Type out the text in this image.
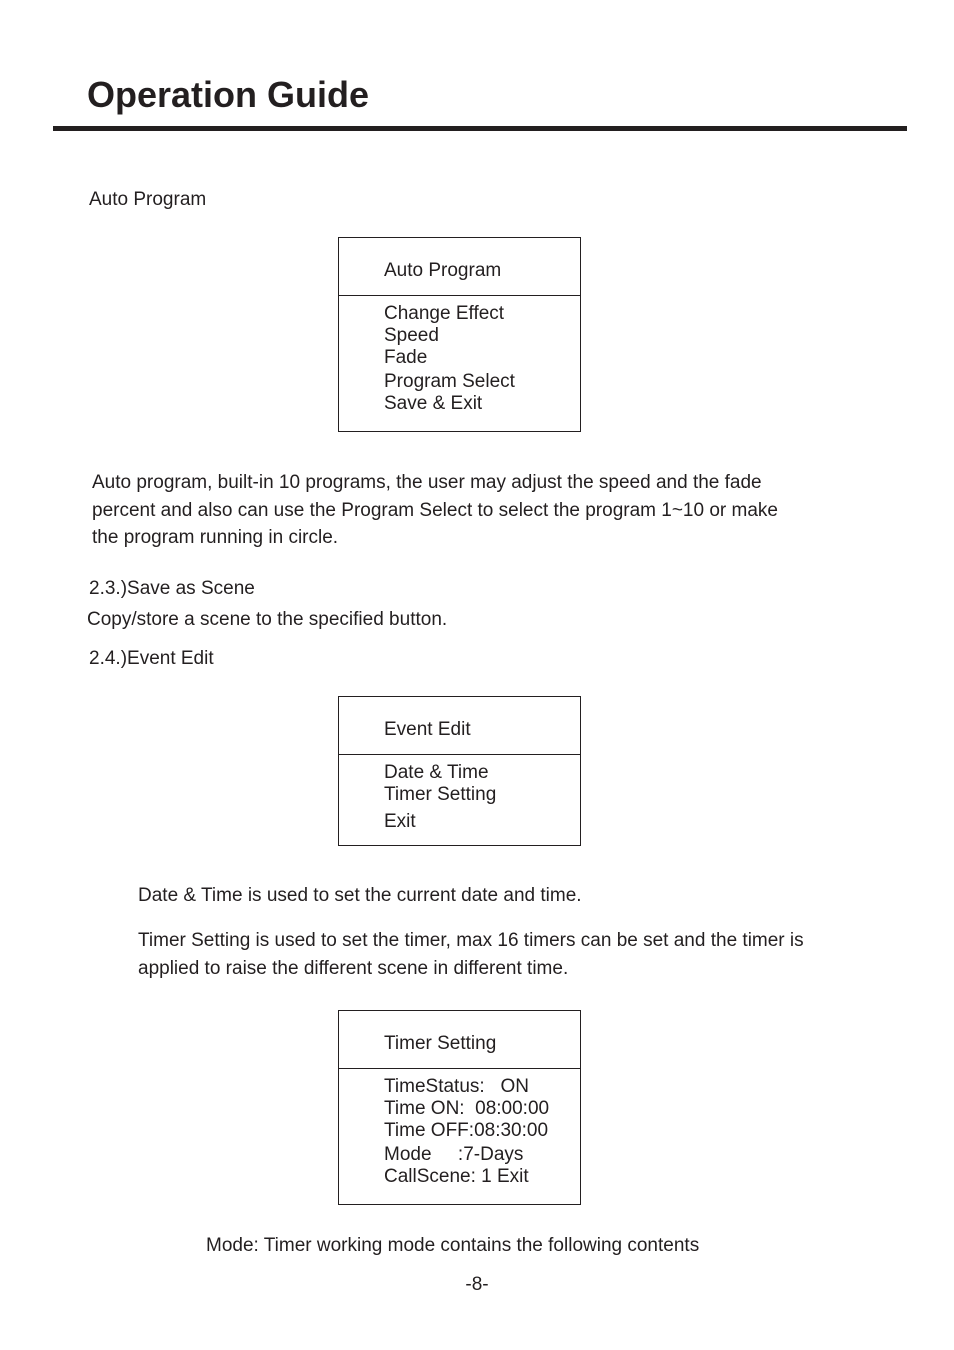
Operation Guide
Auto Program
Auto Program
Change Effect
Speed
Fade
Program Select
Save & Exit
Auto program, built-in 10 programs, the user may adjust the speed and the fade
percent and also can use the Program Select to select the program 1~10 or make
the program running in circle.
2.3.)Save as Scene
Copy/store a scene to the specified button.
2.4.)Event Edit
Event Edit
Date & Time
Timer Setting
Exit
Date & Time is used to set the current date and time.
Timer Setting is used to set the timer, max 16 timers can be set and the timer is
applied to raise the different scene in different time.
Timer Setting
TimeStatus:   ON
Time ON:  08:00:00
Time OFF:08:30:00
Mode     :7-Days
CallScene: 1 Exit
Mode: Timer working mode contains the following contents
-8-
